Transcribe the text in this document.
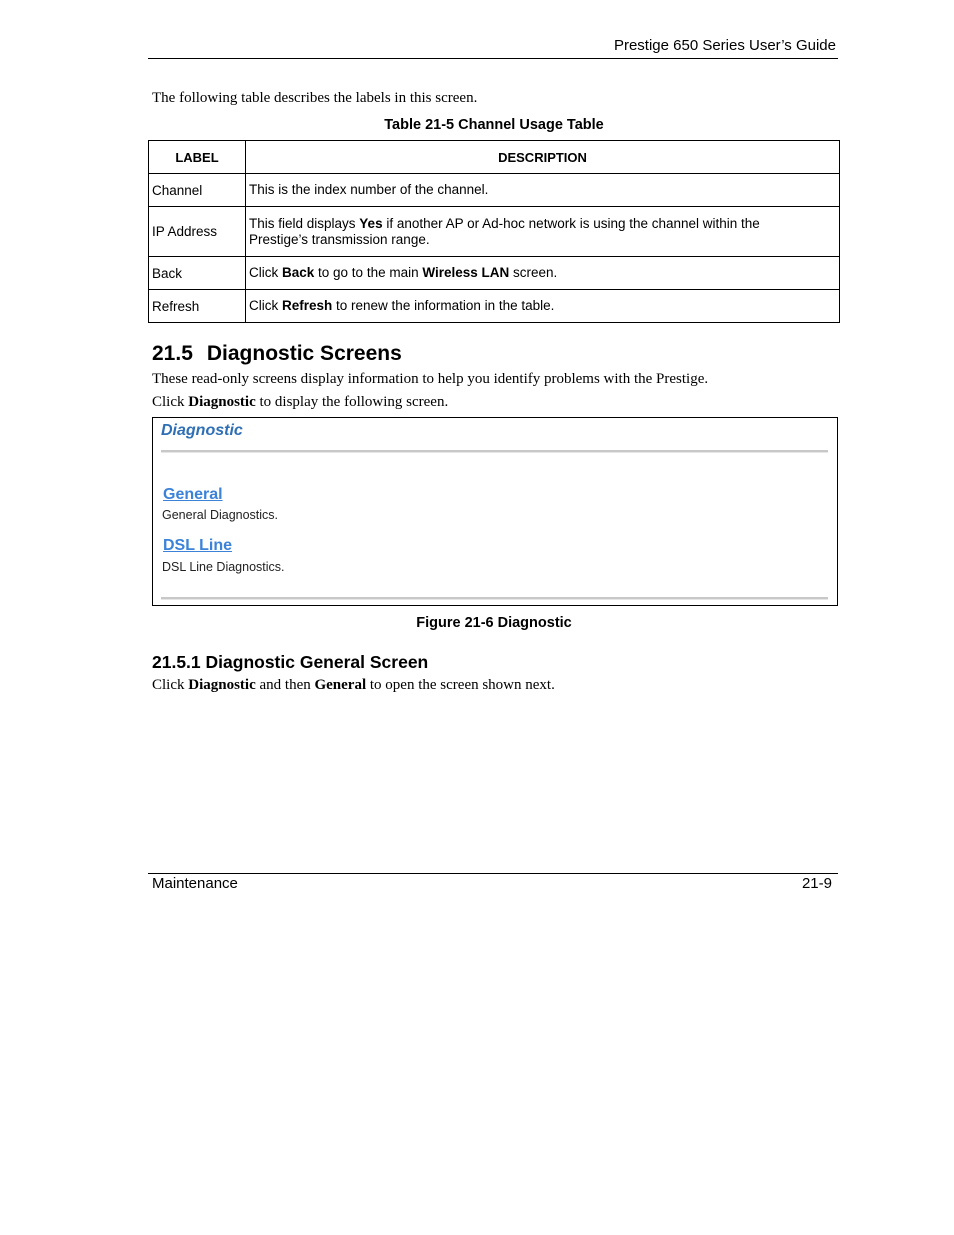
Prestige 650 Series User’s Guide
The following table describes the labels in this screen.
Table 21-5 Channel Usage Table
LABEL	DESCRIPTION
Channel	This is the index number of the channel.

IP Address	This field displays Yes if another AP or Ad-hoc network is using the channel within the
Prestige’s transmission range.

Back	Click Back to go to the main Wireless LAN screen.

Refresh	Click Refresh to renew the information in the table.
21.5 Diagnostic Screens
These read-only screens display information to help you identify problems with the Prestige.
Click Diagnostic to display the following screen.
Diagnostic
General
General Diagnostics.
DSL Line
DSL Line Diagnostics.
Figure 21-6 Diagnostic
21.5.1 Diagnostic General Screen
Click Diagnostic and then General to open the screen shown next.
Maintenance	21-9
